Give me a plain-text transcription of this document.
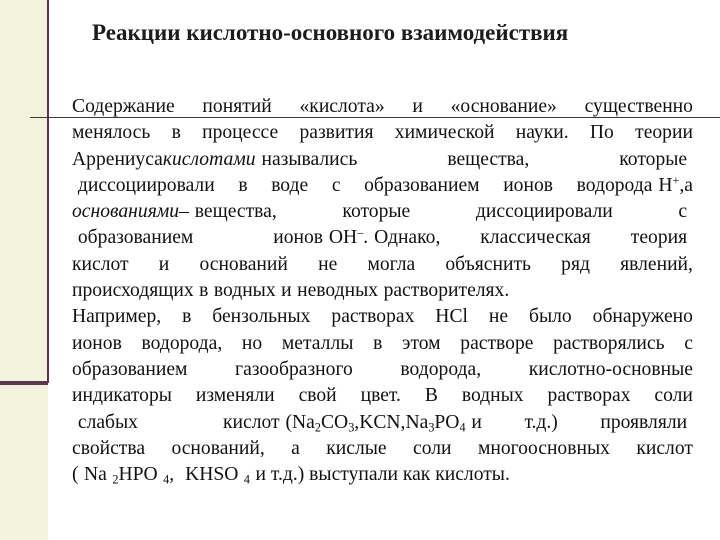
Реакции кислотно-основного взаимодействия
Содержание понятий «кислота» и «основание» существенно
менялось в процессе развития химической науки. По теории
Аррениуса кислотами назывались	вещества,	которые
диссоциировали в воде с образованием ионов водорода H+, а
основаниями– вещества,	которые	диссоциировали	с
образованием	ионов OH–. Однако, классическая теория
кислот и оснований не могла объяснить ряд явлений,
происходящих в водных и неводных растворителях.
Например, в бензольных растворах HCl не было обнаружено
ионов водорода, но металлы в этом растворе растворялись с
образованием газообразного водорода, кислотно-основные
индикаторы изменяли свой цвет. В водных растворах соли
слабых	кислот ($Na_2CO_3$, KCN, $Na_3PO_4$ и т.д.) проявляли
свойства оснований, а кислые соли многоосновных кислот
( Na $_2$HPO $_4$, KHSO $_4$ и т.д.) выступали как кислоты.
